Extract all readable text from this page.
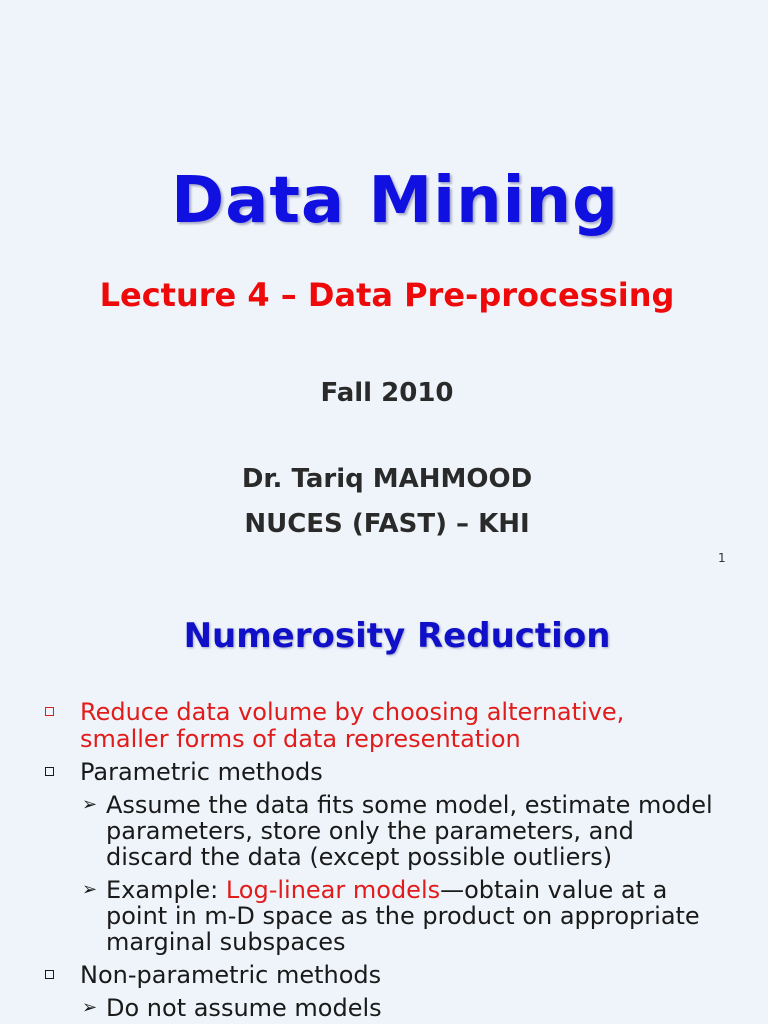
Data Mining
Lecture 4 – Data Pre-processing
Fall 2010
Dr. Tariq MAHMOOD
NUCES (FAST) – KHI
1
Numerosity Reduction
Reduce data volume by choosing alternative, smaller forms of data representation
Parametric methods
➢ Assume the data fits some model, estimate model parameters, store only the parameters, and discard the data (except possible outliers)
➢ Example: Log-linear models—obtain value at a point in m-D space as the product on appropriate marginal subspaces
Non-parametric methods
➢ Do not assume models
